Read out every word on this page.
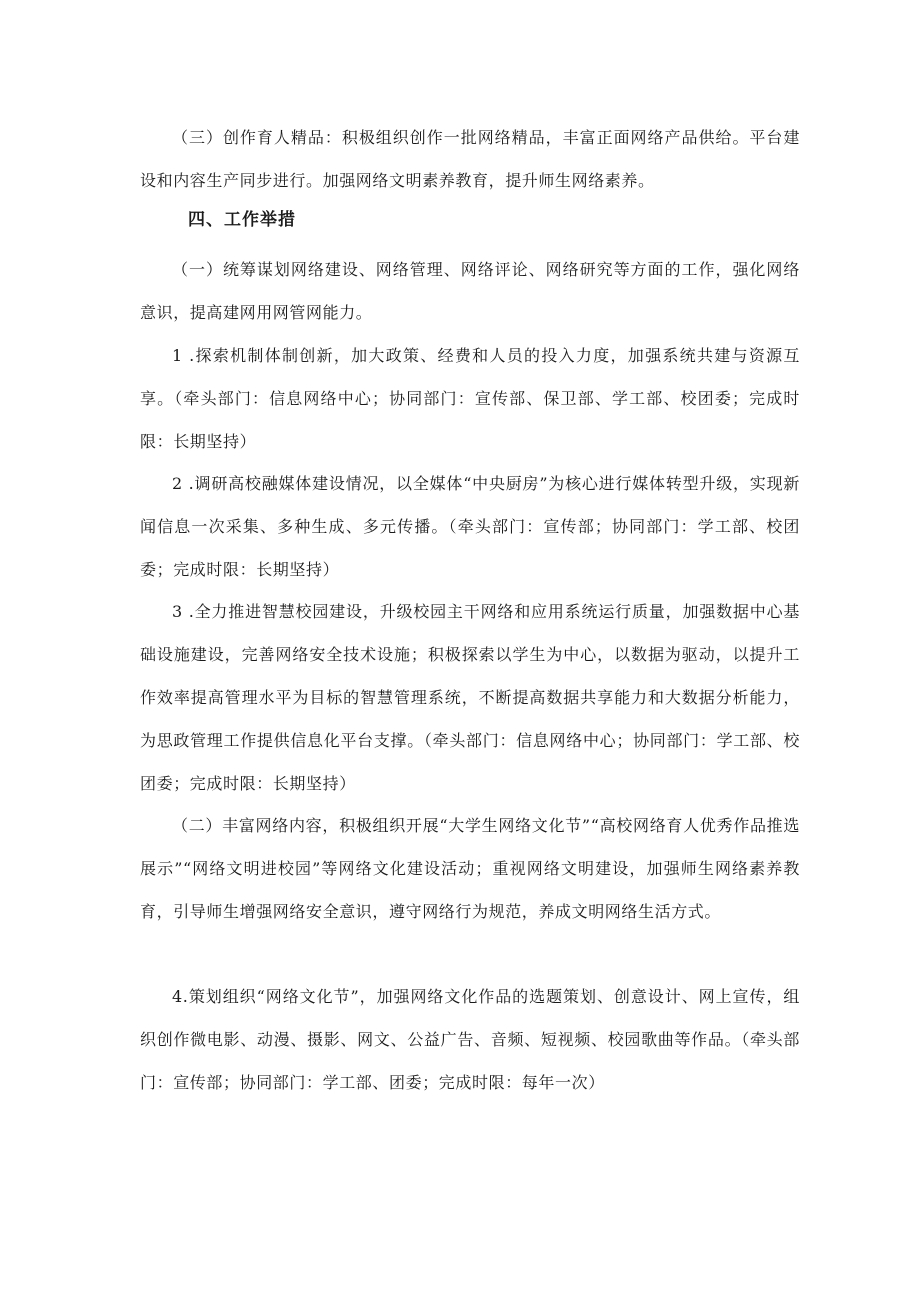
（三）创作育人精品：积极组织创作一批网络精品，丰富正面网络产品供给。平台建设和内容生产同步进行。加强网络文明素养教育，提升师生网络素养。

四、工作举措

（一）统筹谋划网络建设、网络管理、网络评论、网络研究等方面的工作，强化网络意识，提高建网用网管网能力。

1 .探索机制体制创新，加大政策、经费和人员的投入力度，加强系统共建与资源互享。（牵头部门：信息网络中心；协同部门：宣传部、保卫部、学工部、校团委；完成时限：长期坚持）

2 .调研高校融媒体建设情况，以全媒体“中央厨房”为核心进行媒体转型升级，实现新闻信息一次采集、多种生成、多元传播。（牵头部门：宣传部；协同部门：学工部、校团委；完成时限：长期坚持）

3 .全力推进智慧校园建设，升级校园主干网络和应用系统运行质量，加强数据中心基础设施建设，完善网络安全技术设施；积极探索以学生为中心，以数据为驱动，以提升工作效率提高管理水平为目标的智慧管理系统，不断提高数据共享能力和大数据分析能力，为思政管理工作提供信息化平台支撑。（牵头部门：信息网络中心；协同部门：学工部、校团委；完成时限：长期坚持）

（二）丰富网络内容，积极组织开展“大学生网络文化节”“高校网络育人优秀作品推选展示”“网络文明进校园”等网络文化建设活动；重视网络文明建设，加强师生网络素养教育，引导师生增强网络安全意识，遵守网络行为规范，养成文明网络生活方式。

4.策划组织“网络文化节”，加强网络文化作品的选题策划、创意设计、网上宣传，组织创作微电影、动漫、摄影、网文、公益广告、音频、短视频、校园歌曲等作品。（牵头部门：宣传部；协同部门：学工部、团委；完成时限：每年一次）
